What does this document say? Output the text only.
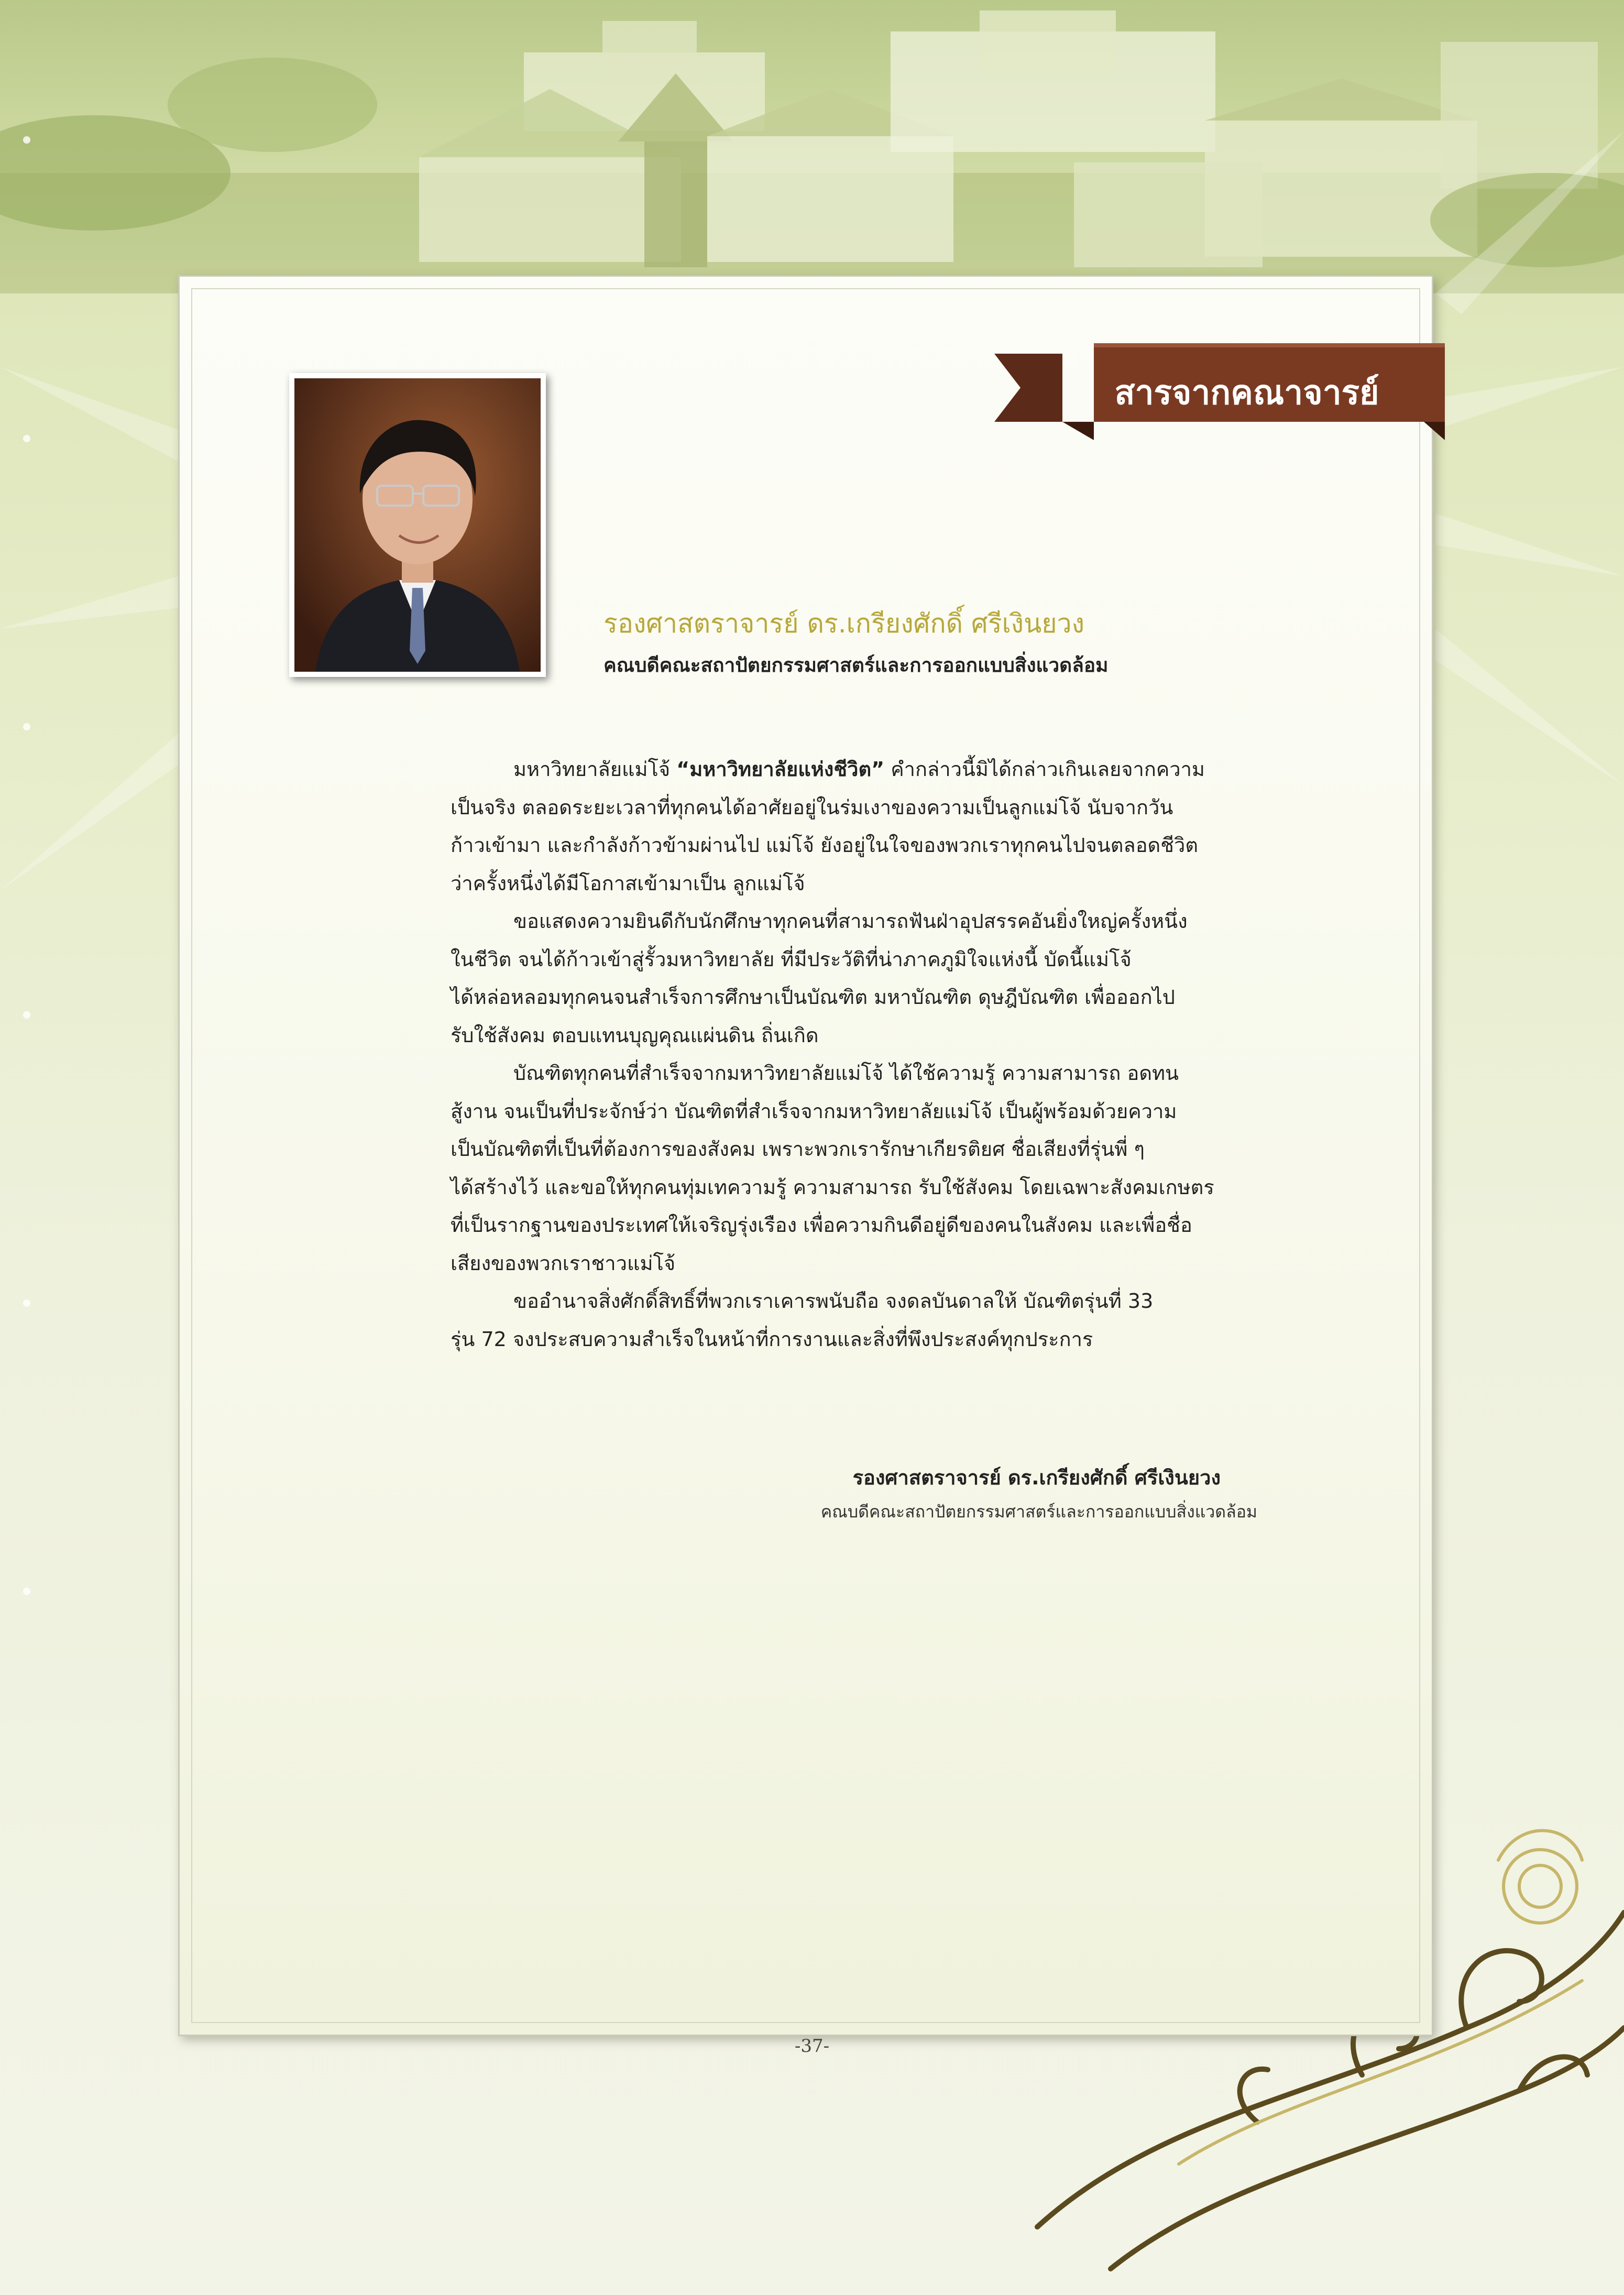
สารจากคณาจารย์
รองศาสตราจารย์ ดร.เกรียงศักดิ์ ศรีเงินยวง
คณบดีคณะสถาปัตยกรรมศาสตร์และการออกแบบสิ่งแวดล้อม

มหาวิทยาลัยแม่โจ้ “มหาวิทยาลัยแห่งชีวิต” คำกล่าวนี้มิได้กล่าวเกินเลยจากความ
เป็นจริง ตลอดระยะเวลาที่ทุกคนได้อาศัยอยู่ในร่มเงาของความเป็นลูกแม่โจ้ นับจากวัน
ก้าวเข้ามา และกำลังก้าวข้ามผ่านไป แม่โจ้ ยังอยู่ในใจของพวกเราทุกคนไปจนตลอดชีวิต
ว่าครั้งหนึ่งได้มีโอกาสเข้ามาเป็น ลูกแม่โจ้

ขอแสดงความยินดีกับนักศึกษาทุกคนที่สามารถฟันฝ่าอุปสรรคอันยิ่งใหญ่ครั้งหนึ่ง
ในชีวิต จนได้ก้าวเข้าสู่รั้วมหาวิทยาลัย ที่มีประวัติที่น่าภาคภูมิใจแห่งนี้ บัดนี้แม่โจ้
ได้หล่อหลอมทุกคนจนสำเร็จการศึกษาเป็นบัณฑิต มหาบัณฑิต ดุษฎีบัณฑิต เพื่อออกไป
รับใช้สังคม ตอบแทนบุญคุณแผ่นดิน ถิ่นเกิด

บัณฑิตทุกคนที่สำเร็จจากมหาวิทยาลัยแม่โจ้ ได้ใช้ความรู้ ความสามารถ อดทน
สู้งาน จนเป็นที่ประจักษ์ว่า บัณฑิตที่สำเร็จจากมหาวิทยาลัยแม่โจ้ เป็นผู้พร้อมด้วยความ
เป็นบัณฑิตที่เป็นที่ต้องการของสังคม เพราะพวกเรารักษาเกียรติยศ ชื่อเสียงที่รุ่นพี่ ๆ
ได้สร้างไว้ และขอให้ทุกคนทุ่มเทความรู้ ความสามารถ รับใช้สังคม โดยเฉพาะสังคมเกษตร
ที่เป็นรากฐานของประเทศให้เจริญรุ่งเรือง เพื่อความกินดีอยู่ดีของคนในสังคม และเพื่อชื่อ
เสียงของพวกเราชาวแม่โจ้

ขออำนาจสิ่งศักดิ์สิทธิ์ที่พวกเราเคารพนับถือ จงดลบันดาลให้ บัณฑิตรุ่นที่ 33
รุ่น 72 จงประสบความสำเร็จในหน้าที่การงานและสิ่งที่พึงประสงค์ทุกประการ

รองศาสตราจารย์ ดร.เกรียงศักดิ์ ศรีเงินยวง
คณบดีคณะสถาปัตยกรรมศาสตร์และการออกแบบสิ่งแวดล้อม
-37-
